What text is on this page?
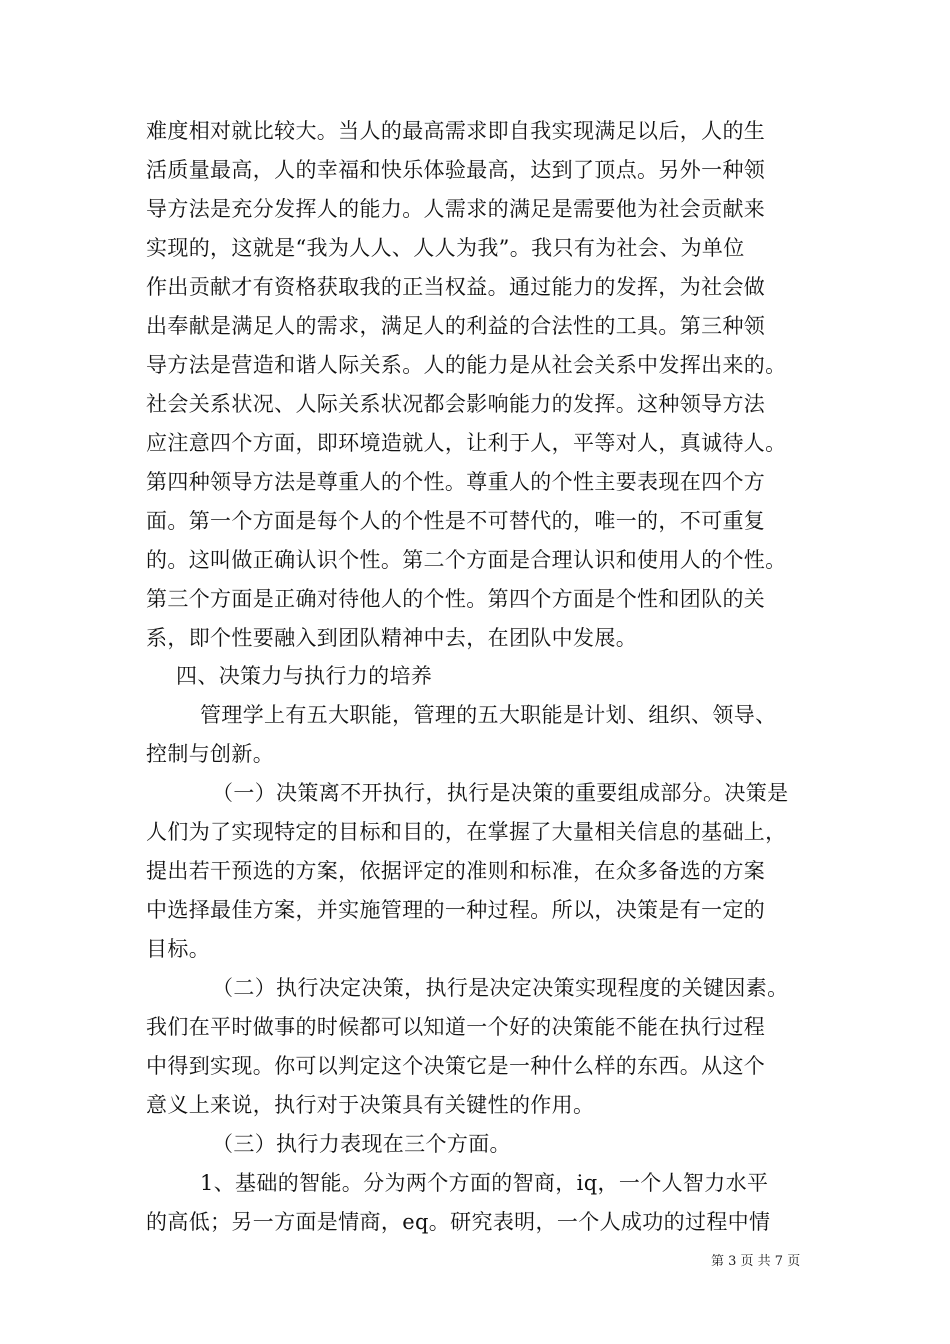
难度相对就比较大。当人的最高需求即自我实现满足以后，人的生
活质量最高，人的幸福和快乐体验最高，达到了顶点。另外一种领
导方法是充分发挥人的能力。人需求的满足是需要他为社会贡献来
实现的，这就是“我为人人、人人为我”。我只有为社会、为单位
作出贡献才有资格获取我的正当权益。通过能力的发挥，为社会做
出奉献是满足人的需求，满足人的利益的合法性的工具。第三种领
导方法是营造和谐人际关系。人的能力是从社会关系中发挥出来的。
社会关系状况、人际关系状况都会影响能力的发挥。这种领导方法
应注意四个方面，即环境造就人，让利于人，平等对人，真诚待人。
第四种领导方法是尊重人的个性。尊重人的个性主要表现在四个方
面。第一个方面是每个人的个性是不可替代的，唯一的，不可重复
的。这叫做正确认识个性。第二个方面是合理认识和使用人的个性。
第三个方面是正确对待他人的个性。第四个方面是个性和团队的关
系，即个性要融入到团队精神中去，在团队中发展。
四、决策力与执行力的培养
管理学上有五大职能，管理的五大职能是计划、组织、领导、
控制与创新。
（一）决策离不开执行，执行是决策的重要组成部分。决策是
人们为了实现特定的目标和目的，在掌握了大量相关信息的基础上，
提出若干预选的方案，依据评定的准则和标准，在众多备选的方案
中选择最佳方案，并实施管理的一种过程。所以，决策是有一定的
目标。
（二）执行决定决策，执行是决定决策实现程度的关键因素。
我们在平时做事的时候都可以知道一个好的决策能不能在执行过程
中得到实现。你可以判定这个决策它是一种什么样的东西。从这个
意义上来说，执行对于决策具有关键性的作用。
（三）执行力表现在三个方面。
1、基础的智能。分为两个方面的智商，iq，一个人智力水平
的高低；另一方面是情商，eq。研究表明，一个人成功的过程中情
第 3 页 共 7 页
